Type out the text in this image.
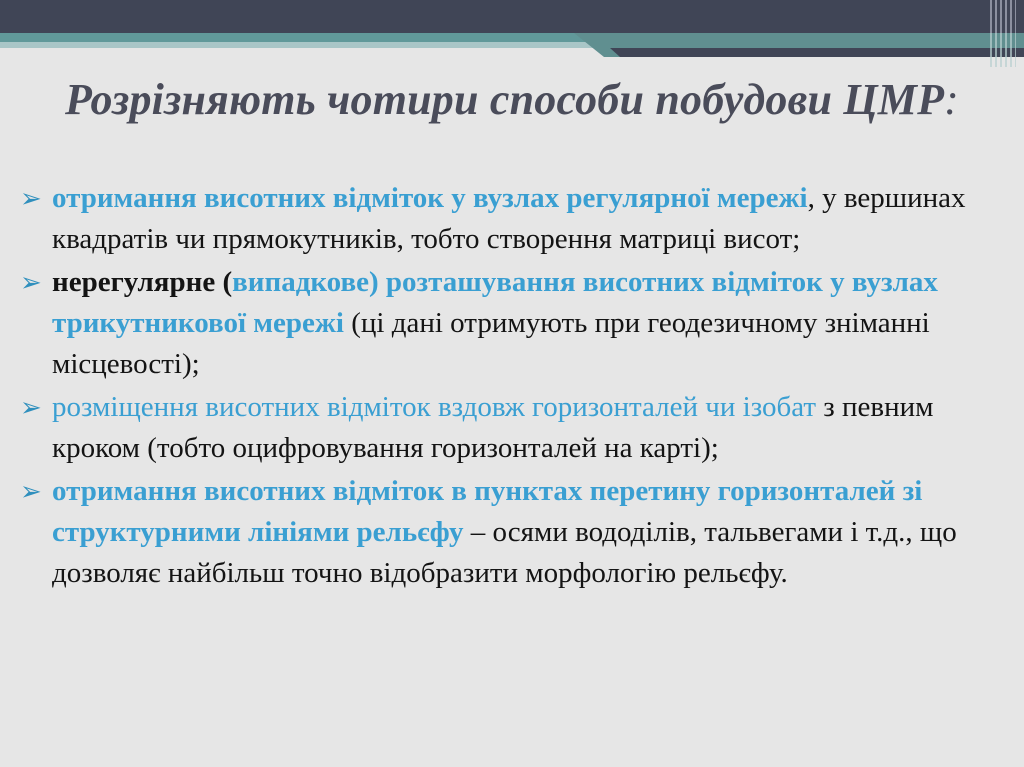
Розрізняють чотири способи побудови ЦМР:
➢ отримання висотних відміток у вузлах регулярної мережі, у вершинах квадратів чи прямокутників, тобто створення матриці висот;
➢ нерегулярне (випадкове) розташування висотних відміток у вузлах трикутникової мережі (ці дані отримують при геодезичному зніманні місцевості);
➢ розміщення висотних відміток вздовж горизонталей чи ізобат з певним кроком (тобто оцифровування горизонталей на карті);
➢ отримання висотних відміток в пунктах перетину горизонталей зі структурними лініями рельєфу – осями вододілів, тальвегами і т.д., що дозволяє найбільш точно відобразити морфологію рельєфу.
